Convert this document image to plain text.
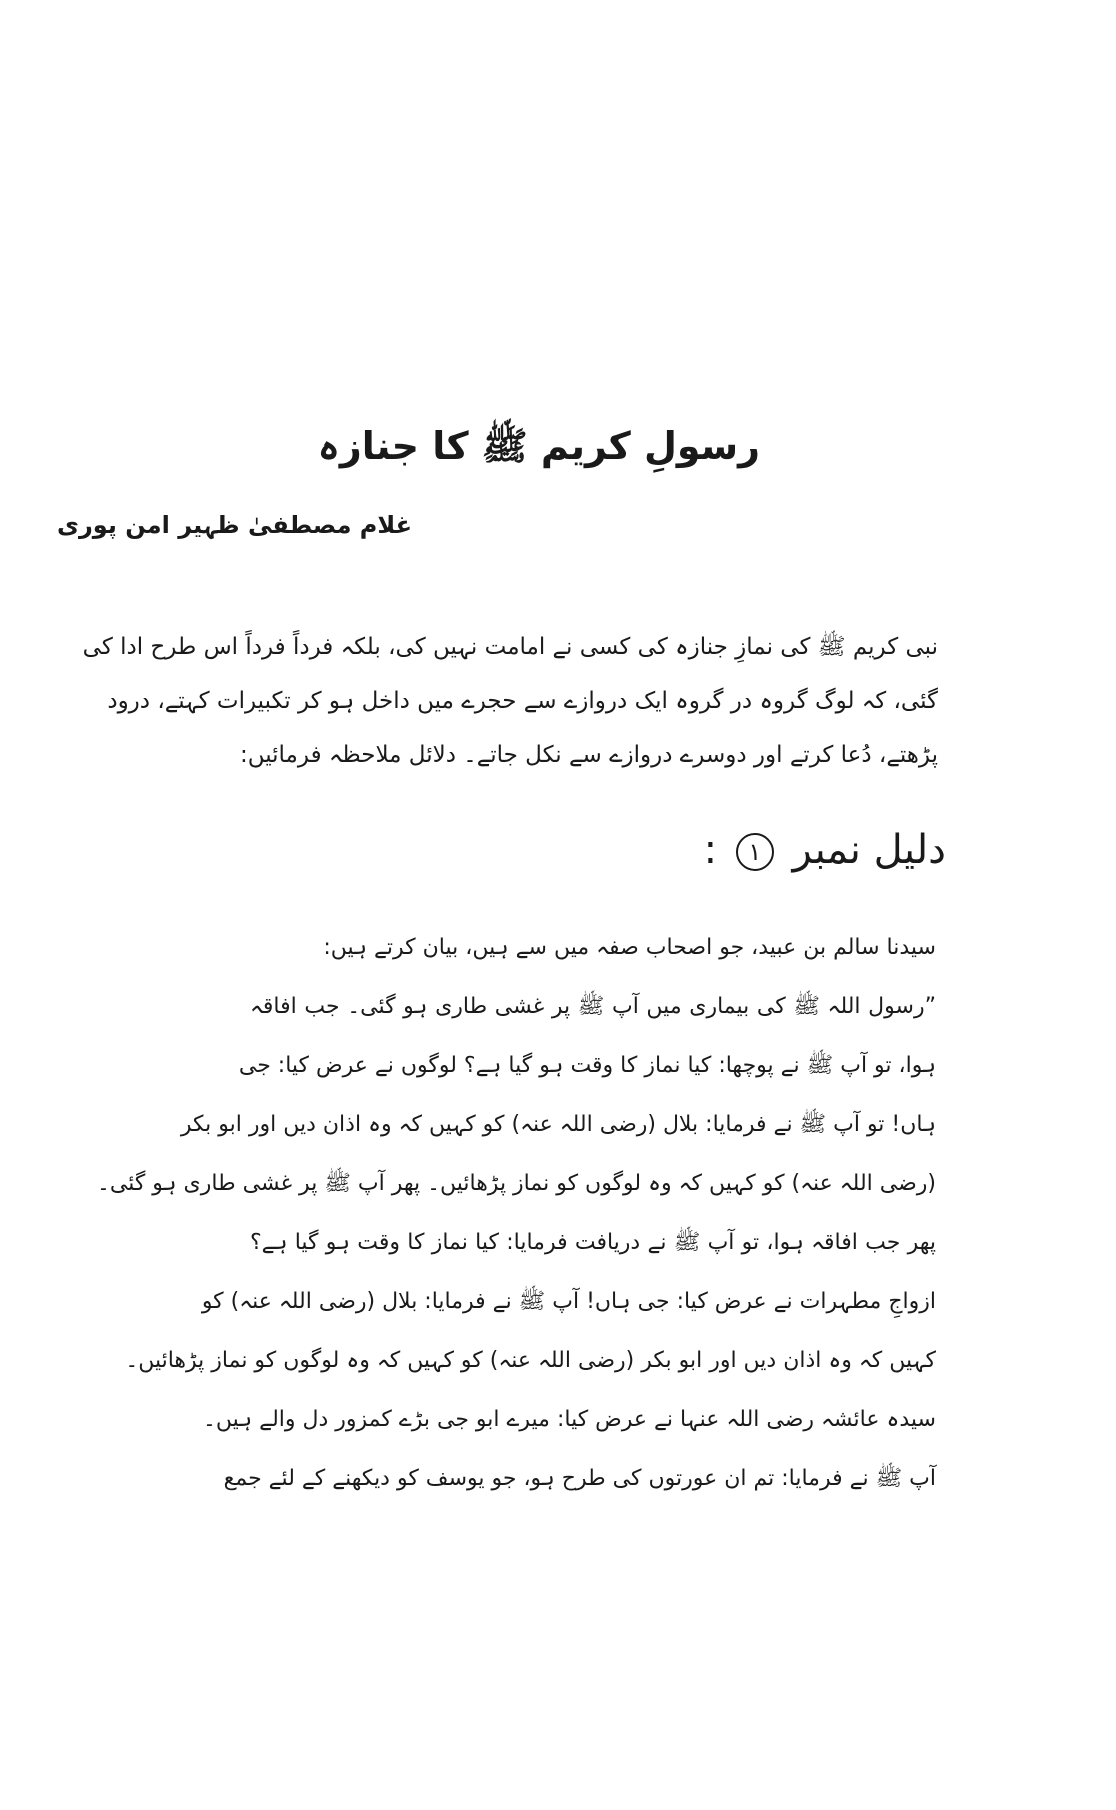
رسولِ کریم ﷺ کا جنازہ
غلام مصطفیٰ ظہیر امن پوری
نبی کریم ﷺ کی نمازِ جنازہ کی کسی نے امامت نہیں کی، بلکہ فرداً فرداً اس طرح ادا کی
گئی، کہ لوگ گروہ در گروہ ایک دروازے سے حجرے میں داخل ہو کر تکبیرات کہتے، درود
پڑھتے، دُعا کرتے اور دوسرے دروازے سے نکل جاتے۔ دلائل ملاحظہ فرمائیں:
دلیل نمبر ١ :
سیدنا سالم بن عبید، جو اصحاب صفہ میں سے ہیں، بیان کرتے ہیں:
”رسول اللہ ﷺ کی بیماری میں آپ ﷺ پر غشی طاری ہو گئی۔ جب افاقہ
ہوا، تو آپ ﷺ نے پوچھا: کیا نماز کا وقت ہو گیا ہے؟ لوگوں نے عرض کیا: جی
ہاں! تو آپ ﷺ نے فرمایا: بلال (رضی اللہ عنہ) کو کہیں کہ وہ اذان دیں اور ابو بکر
(رضی اللہ عنہ) کو کہیں کہ وہ لوگوں کو نماز پڑھائیں۔ پھر آپ ﷺ پر غشی طاری ہو گئی۔
پھر جب افاقہ ہوا، تو آپ ﷺ نے دریافت فرمایا: کیا نماز کا وقت ہو گیا ہے؟
ازواجِ مطہرات نے عرض کیا: جی ہاں! آپ ﷺ نے فرمایا: بلال (رضی اللہ عنہ) کو
کہیں کہ وہ اذان دیں اور ابو بکر (رضی اللہ عنہ) کو کہیں کہ وہ لوگوں کو نماز پڑھائیں۔
سیدہ عائشہ رضی اللہ عنہا نے عرض کیا: میرے ابو جی بڑے کمزور دل والے ہیں۔
آپ ﷺ نے فرمایا: تم ان عورتوں کی طرح ہو، جو یوسف کو دیکھنے کے لئے جمع
